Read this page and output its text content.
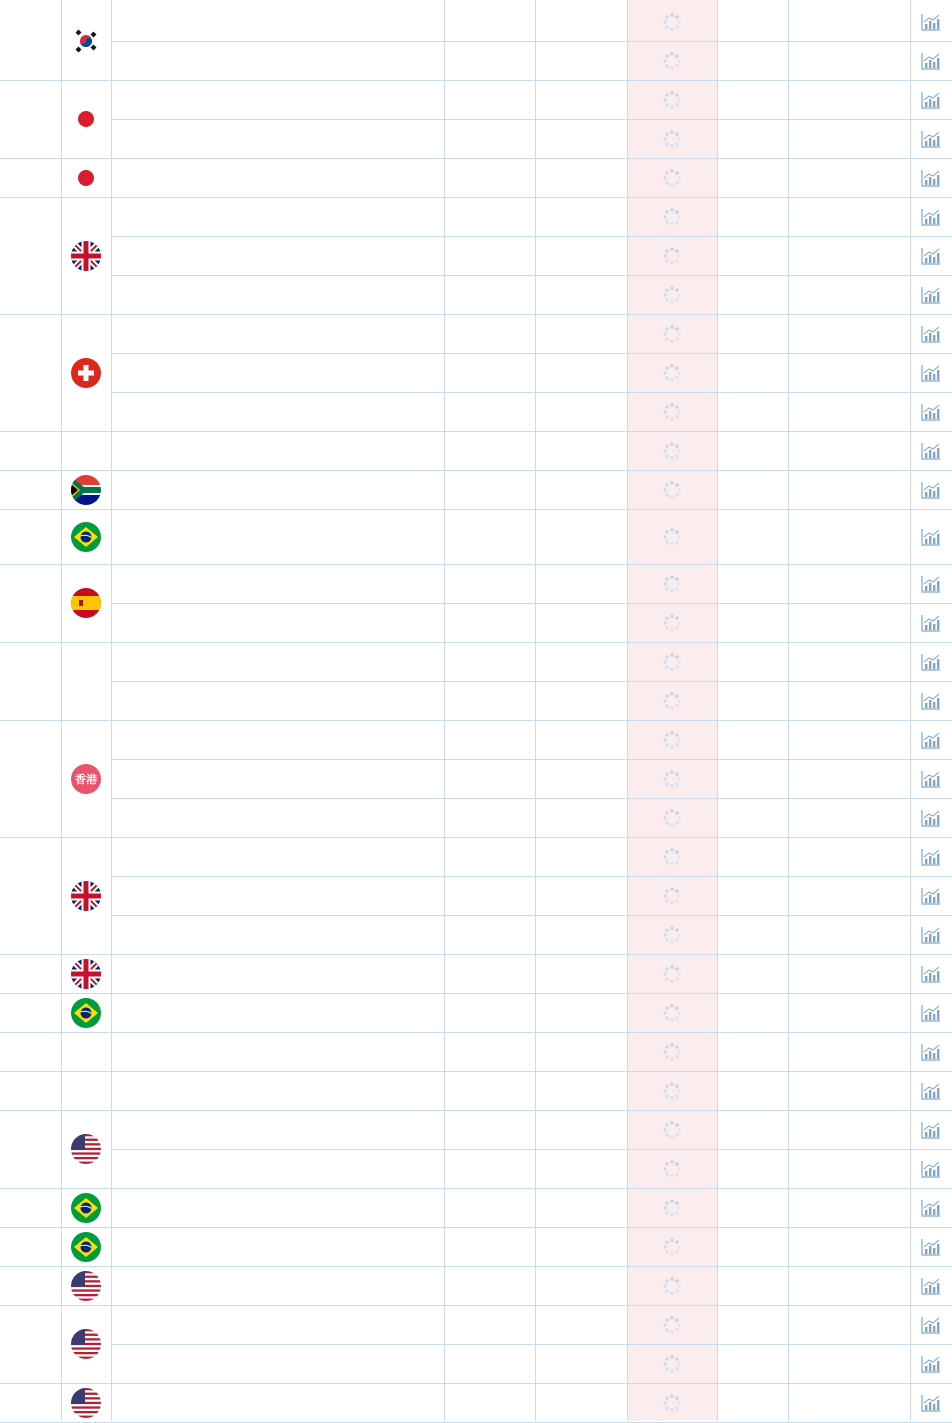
香港
